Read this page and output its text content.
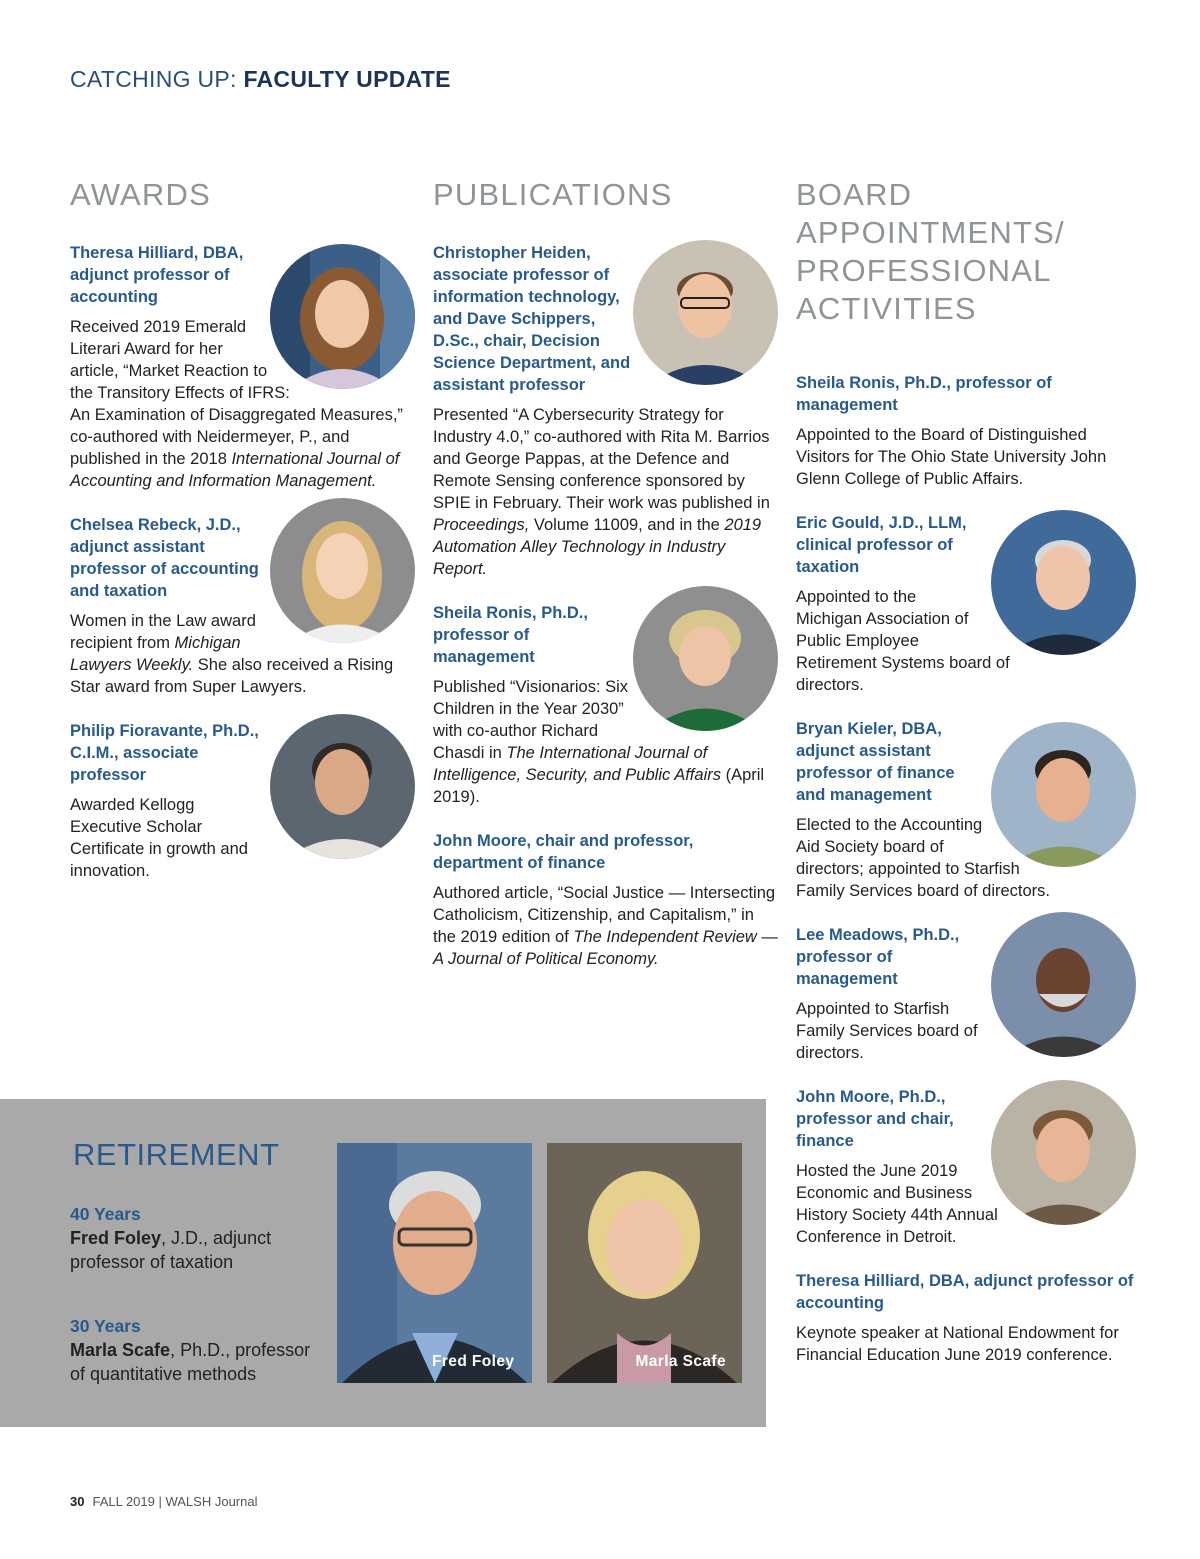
CATCHING UP: FACULTY UPDATE
AWARDS
Theresa Hilliard, DBA, adjunct professor of accounting
Received 2019 Emerald Literari Award for her article, “Market Reaction to the Transitory Effects of IFRS: An Examination of Disaggregated Measures,” co-authored with Neidermeyer, P., and published in the 2018 International Journal of Accounting and Information Management.
Chelsea Rebeck, J.D., adjunct assistant professor of accounting and taxation
Women in the Law award recipient from Michigan Lawyers Weekly. She also received a Rising Star award from Super Lawyers.
Philip Fioravante, Ph.D., C.I.M., associate professor
Awarded Kellogg Executive Scholar Certificate in growth and innovation.
PUBLICATIONS
Christopher Heiden, associate professor of information technology, and Dave Schippers, D.Sc., chair, Decision Science Department, and assistant professor
Presented “A Cybersecurity Strategy for Industry 4.0,” co-authored with Rita M. Barrios and George Pappas, at the Defence and Remote Sensing conference sponsored by SPIE in February. Their work was published in Proceedings, Volume 11009, and in the 2019 Automation Alley Technology in Industry Report.
Sheila Ronis, Ph.D., professor of management
Published “Visionarios: Six Children in the Year 2030” with co-author Richard Chasdi in The International Journal of Intelligence, Security, and Public Affairs (April 2019).
John Moore, chair and professor, department of finance
Authored article, “Social Justice — Intersecting Catholicism, Citizenship, and Capitalism,” in the 2019 edition of The Independent Review — A Journal of Political Economy.
BOARD APPOINTMENTS/ PROFESSIONAL ACTIVITIES
Sheila Ronis, Ph.D., professor of management
Appointed to the Board of Distinguished Visitors for The Ohio State University John Glenn College of Public Affairs.
Eric Gould, J.D., LLM, clinical professor of taxation
Appointed to the Michigan Association of Public Employee Retirement Systems board of directors.
Bryan Kieler, DBA, adjunct assistant professor of finance and management
Elected to the Accounting Aid Society board of directors; appointed to Starfish Family Services board of directors.
Lee Meadows, Ph.D., professor of management
Appointed to Starfish Family Services board of directors.
John Moore, Ph.D., professor and chair, finance
Hosted the June 2019 Economic and Business History Society 44th Annual Conference in Detroit.
Theresa Hilliard, DBA, adjunct professor of accounting
Keynote speaker at National Endowment for Financial Education June 2019 conference.
RETIREMENT
40 Years
Fred Foley, J.D., adjunct professor of taxation
30 Years
Marla Scafe, Ph.D., professor of quantitative methods
Fred Foley	Marla Scafe
30 FALL 2019 | WALSH Journal
